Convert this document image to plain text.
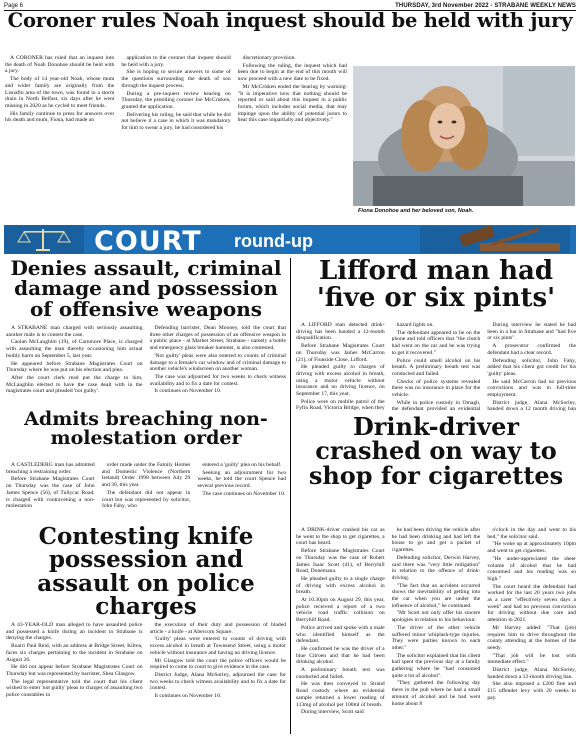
Page 6	THURSDAY, 3rd November 2022 - STRABANE WEEKLY NEWS
Coroner rules Noah inquest should be held with jury

A CORONER has ruled that an inquest into the death of Noah Donohoe should be held with a jury.

The body of 14 year-old Noah, whose mum and wider family are originally from the Lisnafin area of the town, was found in a storm drain in North Belfast, six days after he went missing in 2020 as he cycled to meet friends.

His family continue to press for answers over his death and mum, Fiona, had made an

application to the coroner that inquest should be held with a jury.

She is hoping to secure answers to some of the questions surrounding the death of son through the inquest process.

During a pre-inquest review hearing on Thursday, the presiding coroner Joe McCrisken, granted the application.

Delivering his ruling, he said that while he did not believe it a case in which it was mandatory for him to swear a jury, he had considered his

discretionary provision.

Following the ruling, the inquest which had been due to begin at the end of this month will now proceed with a new date to be fixed.

Mr McCrisken ended the hearing by warning: "It is imperative now that nothing should be reported or said about this inquest in a public forum, which includes social media, that may impinge upon the ability of potential jurors to hear this case impartially and objectively."

Fiona Donohoe and her beloved son, Noah.
COURT round-up
Denies assault, criminal damage and possession of offensive weapons

A STRABANE man charged with seriously assaulting another male is to contest the case.

Caolan McLaughlin (19), of Carnmore Place, is charged with assaulting the man thereby occasioning him actual bodily harm on September 5, last year.

He appeared before Strabane Magistrates Court on Thursday where he was put on his election and plea.

After the court clerk read put the charge to him, McLaughlin elected to have the case dealt with in the magistrates court and pleaded 'not guilty'.

Defending barrister, Dean Mooney, told the court that three other charges of possession of an offensive weapon in a public place - at Market Street, Strabane - namely a bottle and emergency glass breaker hammer, is also contested.

'Not guilty' pleas were also entered to counts of criminal damage to a female's car window and of criminal damage to another vehicle's windscreen on another woman.

The case was adjourned for two weeks to check witness availability and to fix a date for contest.

It continues on November 10.

Admits breaching non-molestation order

A CASTLEDERG man has admitted breaching a restraining order.

Before Strabane Magistrates Court on Thursday was the case of John James Spence (56), of Tullycar Road, is charged with contravening a non-molestation

order made under the Family Homes and Domestic Violence (Northern Ireland) Order 1998 between July 29 and 30, this year.

The defendant did not appear in court but was represented by solicitor, John Fahy, who

entered a 'guilty' plea on his behalf.

Seeking an adjournment for two weeks, he told the court Spence had several previous record.

The case continues on November 10.

Contesting knife possession and assault on police charges

A 43-YEAR-OLD man alleged to have assaulted police and possessed a knife during an incident in Strabane is denying the charges.

Ruairi Paul Reid, with an address at Bridge Street, Kilrea, faces six charges pertaining to the incident in Strabane on August 26.

He did not appear before Strabane Magistrates Court on Thursday but was represented by barrister, Shea Glasgow.

The legal representative told the court that his client wished to enter 'not guilty' pleas to charges of assaulting two police constables in

the execution of their duty and possession of bladed article - a knife - at Abercorn Square.

'Guilty' pleas were entered to counts of driving with excess alcohol in breath at Townsend Street, using a motor vehicle without insurance and having no driving licence.

Mr Glasgow told the court the police officers would be required to come to court to give evidence in the case.

District Judge, Alana McSorley, adjourned the case for two weeks to check witness availability and to fix a date for contest.

It continues on November 10.

Lifford man had 'five or six pints'

A LIFFORD man detected drink-driving has been handed a 12-month disqualification.

Before Strabane Magistrates Court on Thursday was James McCarron (21), of Fiunside Close, Lifford.

He pleaded guilty to charges of driving with excess alcohol in breath, using a motor vehicle without insurance and no driving licence, on September 17, this year.

Police were on mobile patrol of the Fyfin Road, Victoria Bridge, when they

hazard lights on.

The defendant appeared to be on the phone and told officers that "the clutch had went on the car and he was trying to get it recovered."

Police could smell alcohol on his breath. A preliminary breath test was conducted and failed.

Checks of police systems revealed there was no insurance in place for the vehicle.

While in police custody in Omagh, the defendant provided an evidential

During interview he stated he had been in a bar in Strabane and "had five or six pints".

A prosecutor confirmed the defendant had a clear record.

Defending solicitor, John Fahy, added that his client got credit for his 'guilty' pleas.

He said McCarron had no previous convictions and was in full-time employment.

District judge, Alana McSorley, handed down a 12 month driving ban

Drink-driver crashed on way to shop for cigarettes

A DRINK-driver crashed his car as he went to the shop to get cigarettes, a court has heard.

Before Strabane Magistrates Court on Thursday was the case of Robert James Isaac Scott (41), of Berryhill Road, Donemana.

He pleaded guilty to a single charge of driving with excess alcohol in breath.

At 10.30pm on August 29, this year, police received a report of a two vehicle road traffic collision on Berryhill Road.

Police arrived and spoke with a male who identified himself as the defendant.

He confirmed he was the driver of a blue Citroen and that he had been drinking alcohol.

A preliminary breath test was conducted and failed.

He was then conveyed to Strand Road custody where an evidential sample returned a lower reading of 113mg of alcohol per 100ml of breath.

During interview, Scott said

he had been driving the vehicle after he had been drinking and had left the house to go and get a packet of cigarettes.

Defending solicitor, Derwin Harvey, said there was "very little mitigation" in relation to the offence of drink-driving.

"The fact that an accident occurred shows the inevitability of getting into the car when you are under the influence of alcohol," he continued.

"Mr Scott not only offer his sincere apologies in relation to his behaviour.

The driver of the other vehicle suffered minor whiplash-type injuries. They were parties known to each other."

The solicitor explained that his client had spent the previous day at a family gathering where he "had consumed quite a lot of alcohol".

"They gathered the following day there in the pub where he had a small amount of alcohol and he had went home about 8

o'clock in the day and went to his bed," the solicitor said.

"He woke up at approximately 10pm and went to get cigarettes.

"He under-appreciated the sheer volume of alcohol that he had consumed and his reading was so high."

The court heard the defendant had worked for the last 20 years two jobs as a carer "effectively seven days a week" and had no previous conviction for driving without due care and attention in 2021.

Mr Harvey added: "That (job) requires him to drive throughout the county attending at the homes of the needy.

"That job will be lost with immediate effect."

District judge, Alana McSorley, handed down a 12-month driving ban.

She also imposed a £200 fine and £15 offender levy with 20 weeks to pay.
